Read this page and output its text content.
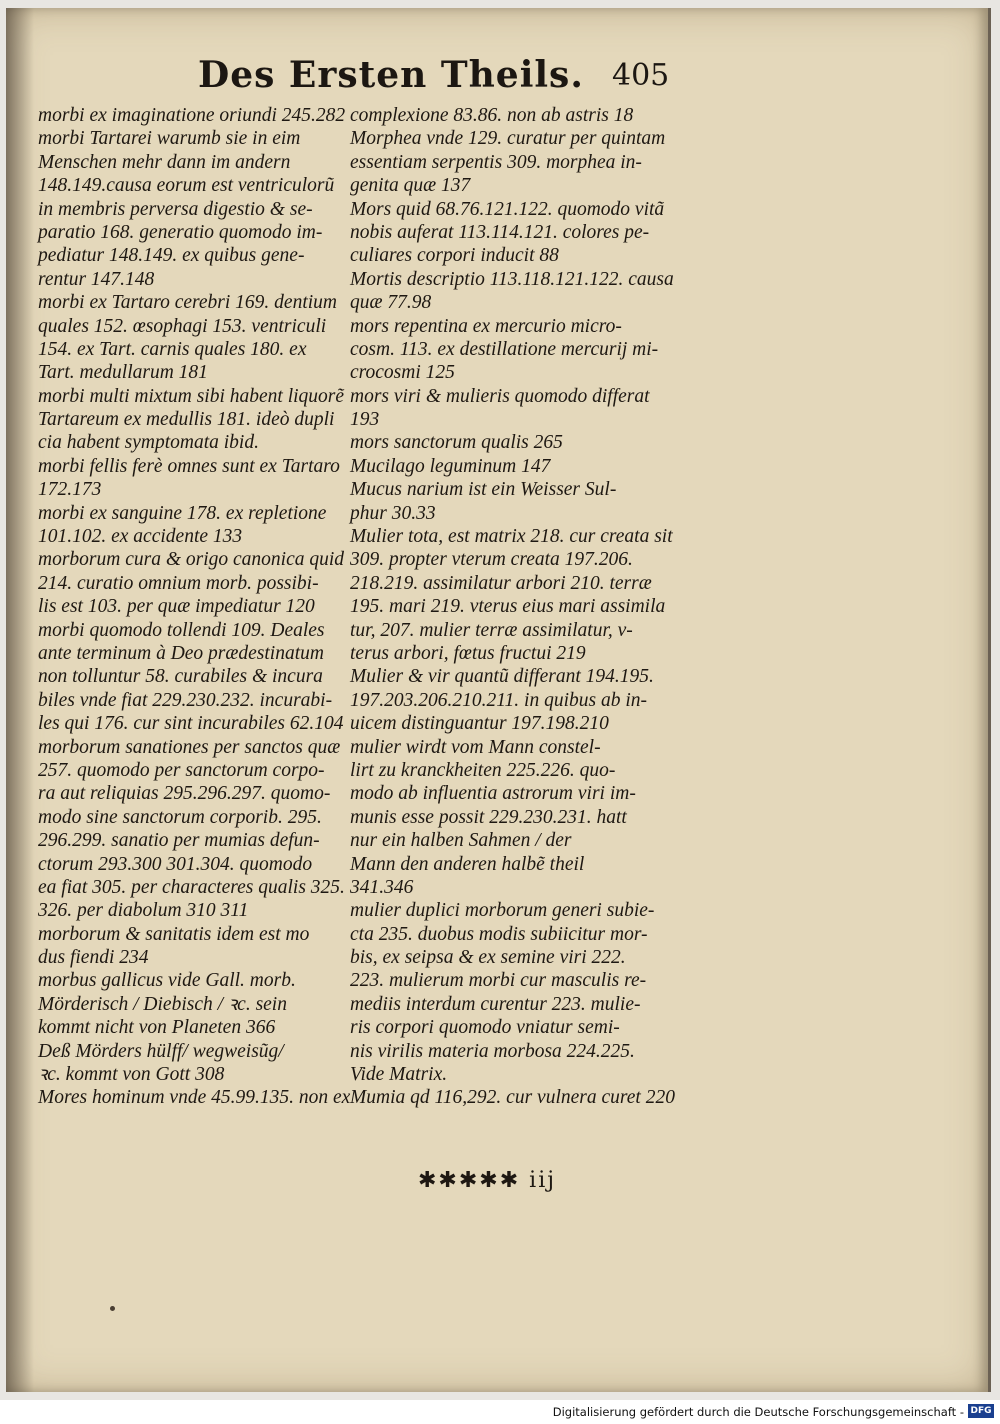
Des Ersten Theils. 405
morbi ex imaginatione oriundi 245.282
morbi Tartarei warumb sie in eim
Menschen mehr dann im andern
148.149.causa eorum est ventriculorũ
in membris perversa digestio & se-
paratio 168. generatio quomodo im-
pediatur 148.149. ex quibus gene-
rentur 147.148
morbi ex Tartaro cerebri 169. dentium
quales 152. œsophagi 153. ventriculi
154. ex Tart. carnis quales 180. ex
Tart. medullarum 181
morbi multi mixtum sibi habent liquorẽ
Tartareum ex medullis 181. ideò dupli
cia habent symptomata ibid.
morbi fellis ferè omnes sunt ex Tartaro
172.173
morbi ex sanguine 178. ex repletione
101.102. ex accidente 133
morborum cura & origo canonica quid
214. curatio omnium morb. possibi-
lis est 103. per quæ impediatur 120
morbi quomodo tollendi 109. Deales
ante terminum à Deo prædestinatum
non tolluntur 58. curabiles & incura
biles vnde fiat 229.230.232. incurabi-
les qui 176. cur sint incurabiles 62.104
morborum sanationes per sanctos quæ
257. quomodo per sanctorum corpo-
ra aut reliquias 295.296.297. quomo-
modo sine sanctorum corporib. 295.
296.299. sanatio per mumias defun-
ctorum 293.300 301.304. quomodo
ea fiat 305. per characteres qualis 325.
326. per diabolum 310 311
morborum & sanitatis idem est mo
dus fiendi 234
morbus gallicus vide Gall. morb.
Mörderisch / Diebisch / ꝛc. sein
kommt nicht von Planeten 366
Deß Mörders hülff/ wegweisũg/
ꝛc. kommt von Gott 308
Mores hominum vnde 45.99.135. non ex
complexione 83.86. non ab astris 18
Morphea vnde 129. curatur per quintam
essentiam serpentis 309. morphea in-
genita quæ 137
Mors quid 68.76.121.122. quomodo vitã
nobis auferat 113.114.121. colores pe-
culiares corpori inducit 88
Mortis descriptio 113.118.121.122. causa
quæ 77.98
mors repentina ex mercurio micro-
cosm. 113. ex destillatione mercurij mi-
crocosmi 125
mors viri & mulieris quomodo differat
193
mors sanctorum qualis 265
Mucilago leguminum 147
Mucus narium ist ein Weisser Sul-
phur 30.33
Mulier tota, est matrix 218. cur creata sit
309. propter vterum creata 197.206.
218.219. assimilatur arbori 210. terræ
195. mari 219. vterus eius mari assimila
tur, 207. mulier terræ assimilatur, v-
terus arbori, fœtus fructui 219
Mulier & vir quantũ differant 194.195.
197.203.206.210.211. in quibus ab in-
uicem distinguantur 197.198.210
mulier wirdt vom Mann constel-
lirt zu kranckheiten 225.226. quo-
modo ab influentia astrorum viri im-
munis esse possit 229.230.231. hatt
nur ein halben Sahmen / der
Mann den anderen halbẽ theil
341.346
mulier duplici morborum generi subie-
cta 235. duobus modis subiicitur mor-
bis, ex seipsa & ex semine viri 222.
223. mulierum morbi cur masculis re-
mediis interdum curentur 223. mulie-
ris corpori quomodo vniatur semi-
nis virilis materia morbosa 224.225.
Vide Matrix.
Mumia qd 116,292. cur vulnera curet 220
✱✱✱✱✱ iij
Digitalisierung gefördert durch die Deutsche Forschungsgemeinschaft - DFG
